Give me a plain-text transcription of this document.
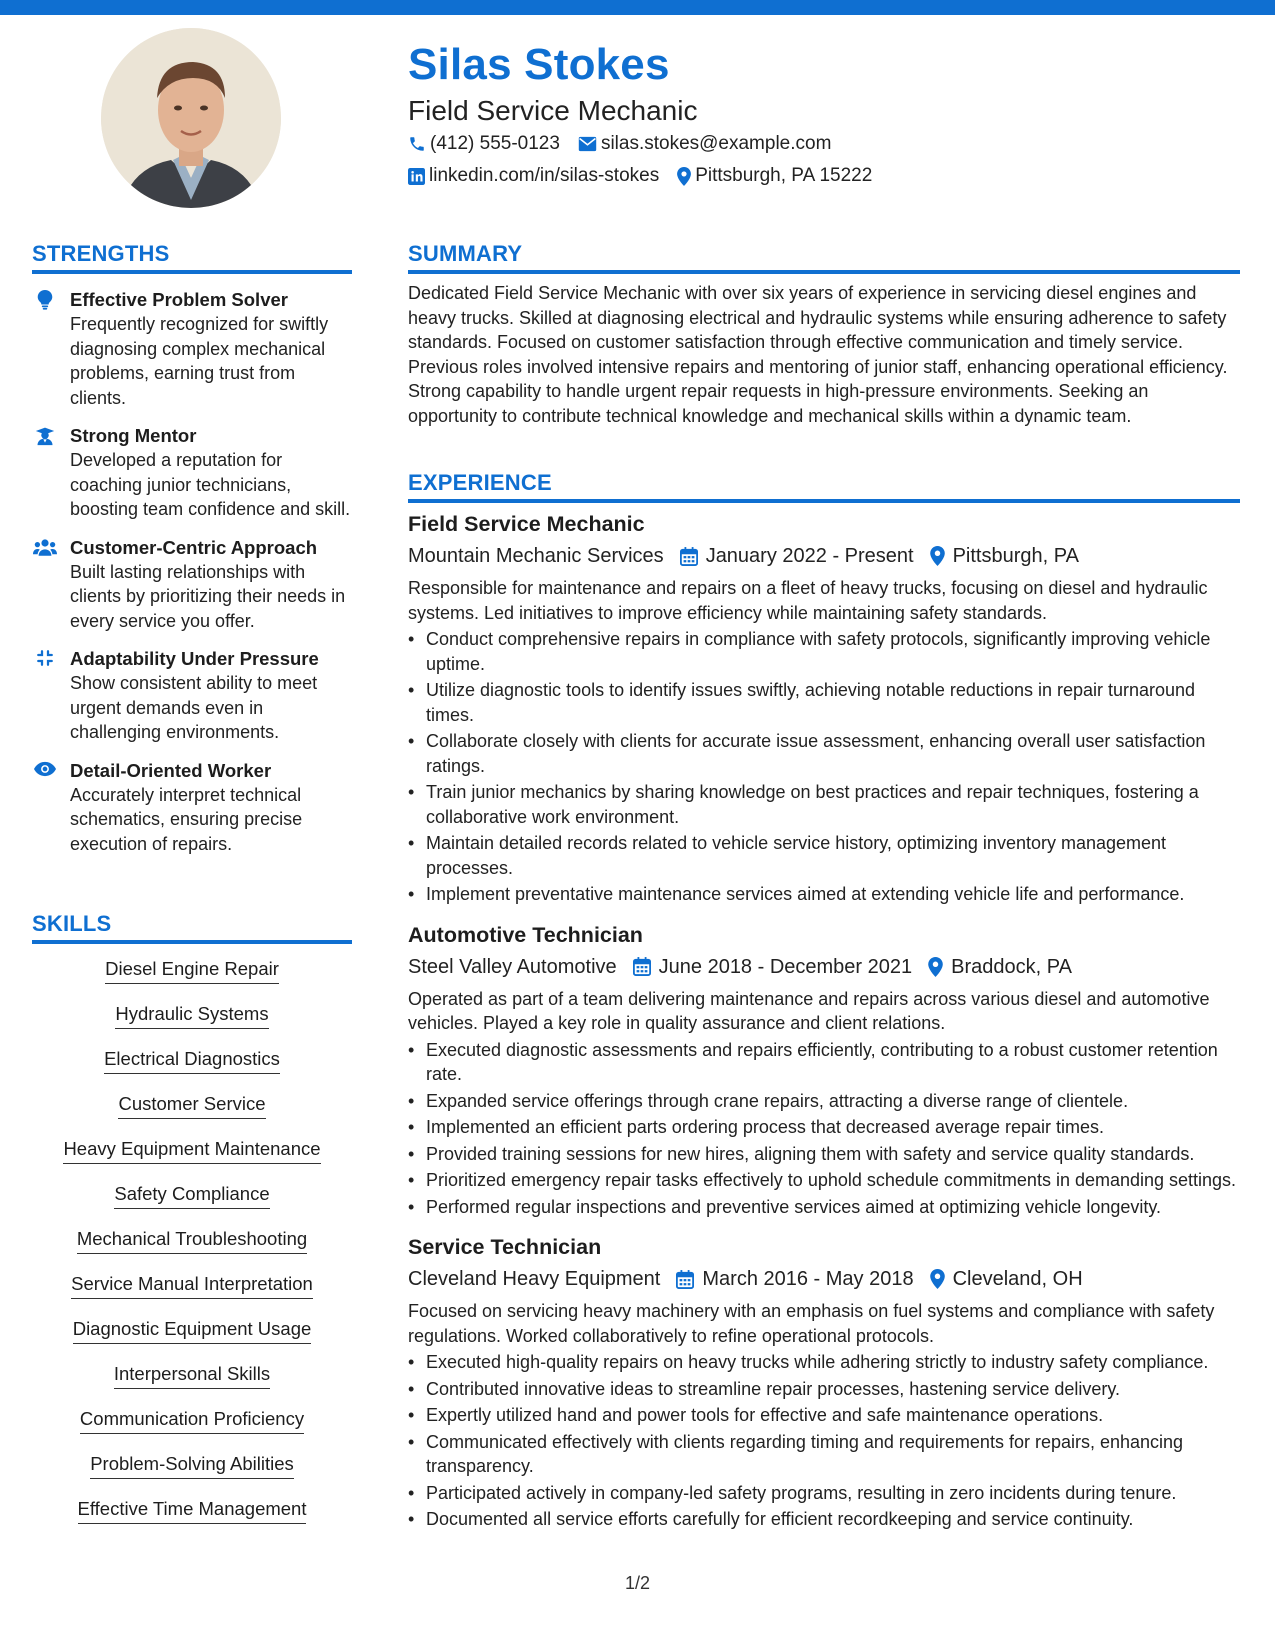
Silas Stokes
Field Service Mechanic
(412) 555-0123 silas.stokes@example.com
linkedin.com/in/silas-stokes Pittsburgh, PA 15222
STRENGTHS
Effective Problem Solver
Frequently recognized for swiftly diagnosing complex mechanical problems, earning trust from clients.
Strong Mentor
Developed a reputation for coaching junior technicians, boosting team confidence and skill.
Customer-Centric Approach
Built lasting relationships with clients by prioritizing their needs in every service you offer.
Adaptability Under Pressure
Show consistent ability to meet urgent demands even in challenging environments.
Detail-Oriented Worker
Accurately interpret technical schematics, ensuring precise execution of repairs.
SKILLS
Diesel Engine Repair
Hydraulic Systems
Electrical Diagnostics
Customer Service
Heavy Equipment Maintenance
Safety Compliance
Mechanical Troubleshooting
Service Manual Interpretation
Diagnostic Equipment Usage
Interpersonal Skills
Communication Proficiency
Problem-Solving Abilities
Effective Time Management
SUMMARY
Dedicated Field Service Mechanic with over six years of experience in servicing diesel engines and heavy trucks. Skilled at diagnosing electrical and hydraulic systems while ensuring adherence to safety standards. Focused on customer satisfaction through effective communication and timely service. Previous roles involved intensive repairs and mentoring of junior staff, enhancing operational efficiency. Strong capability to handle urgent repair requests in high-pressure environments. Seeking an opportunity to contribute technical knowledge and mechanical skills within a dynamic team.
EXPERIENCE
Field Service Mechanic
Mountain Mechanic Services January 2022 - Present Pittsburgh, PA
Responsible for maintenance and repairs on a fleet of heavy trucks, focusing on diesel and hydraulic systems. Led initiatives to improve efficiency while maintaining safety standards.
• Conduct comprehensive repairs in compliance with safety protocols, significantly improving vehicle uptime.
• Utilize diagnostic tools to identify issues swiftly, achieving notable reductions in repair turnaround times.
• Collaborate closely with clients for accurate issue assessment, enhancing overall user satisfaction ratings.
• Train junior mechanics by sharing knowledge on best practices and repair techniques, fostering a collaborative work environment.
• Maintain detailed records related to vehicle service history, optimizing inventory management processes.
• Implement preventative maintenance services aimed at extending vehicle life and performance.
Automotive Technician
Steel Valley Automotive June 2018 - December 2021 Braddock, PA
Operated as part of a team delivering maintenance and repairs across various diesel and automotive vehicles. Played a key role in quality assurance and client relations.
• Executed diagnostic assessments and repairs efficiently, contributing to a robust customer retention rate.
• Expanded service offerings through crane repairs, attracting a diverse range of clientele.
• Implemented an efficient parts ordering process that decreased average repair times.
• Provided training sessions for new hires, aligning them with safety and service quality standards.
• Prioritized emergency repair tasks effectively to uphold schedule commitments in demanding settings.
• Performed regular inspections and preventive services aimed at optimizing vehicle longevity.
Service Technician
Cleveland Heavy Equipment March 2016 - May 2018 Cleveland, OH
Focused on servicing heavy machinery with an emphasis on fuel systems and compliance with safety regulations. Worked collaboratively to refine operational protocols.
• Executed high-quality repairs on heavy trucks while adhering strictly to industry safety compliance.
• Contributed innovative ideas to streamline repair processes, hastening service delivery.
• Expertly utilized hand and power tools for effective and safe maintenance operations.
• Communicated effectively with clients regarding timing and requirements for repairs, enhancing transparency.
• Participated actively in company-led safety programs, resulting in zero incidents during tenure.
• Documented all service efforts carefully for efficient recordkeeping and service continuity.
1/2
